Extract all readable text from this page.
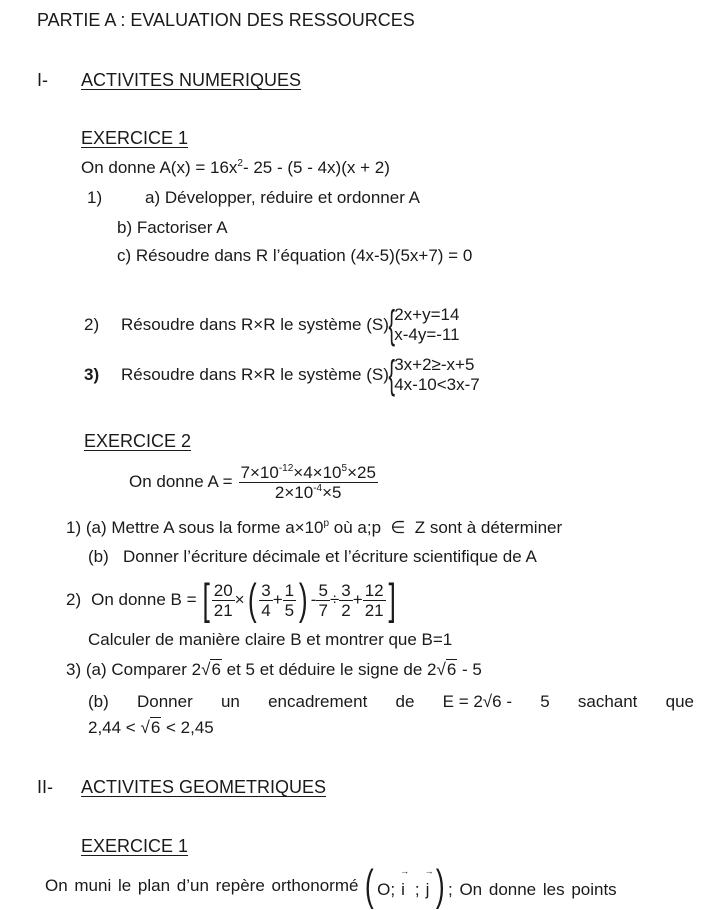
PARTIE A : EVALUATION DES RESSOURCES
I- ACTIVITES NUMERIQUES
EXERCICE 1
On donne $A(x) = 16x^2-$ 25 - (5 - 4x)(x + 2)
1)	a) Développer, réduire et ordonner A
b) Factoriser A
c) Résoudre dans R l’équation (4x-5)(5x+7) = 0
2)	Résoudre dans R×R le système (S) { 2x+y=14
x-4y=-11
3)	Résoudre dans R×R le système (S) { 3x+2≥-x+5
4x-10<3x-7
EXERCICE 2
On donne $A = \frac{7\times 10^{-12}\times 4\times 10^5\times 25}{2\times 10^{-4}\times 5}$
1) (a) Mettre A sous la forme $a\times 10^p$ où a;p  ∈  Z sont à déterminer
(b)   Donner l’écriture décimale et l’écriture scientifique de A
2) On donne B = [ $\frac{20}{21}$ × ( $\frac{3}{4} + \frac{1}{5}$ ) - $\frac{5}{7} \div \frac{3}{2} + \frac{12}{21}$ ]
Calculer de manière claire B et montrer que B=1
3) (a) Comparer 2√6 et 5 et déduire le signe de 2√6 - 5
(b) Donner un encadrement de E = 2√6 - 5 sachant que
2,44 < √6 < 2,45
II- ACTIVITES GEOMETRIQUES
EXERCICE 1
On muni le plan d’un repère orthonormé ( O; → i ; → j ) ; On donne les points
